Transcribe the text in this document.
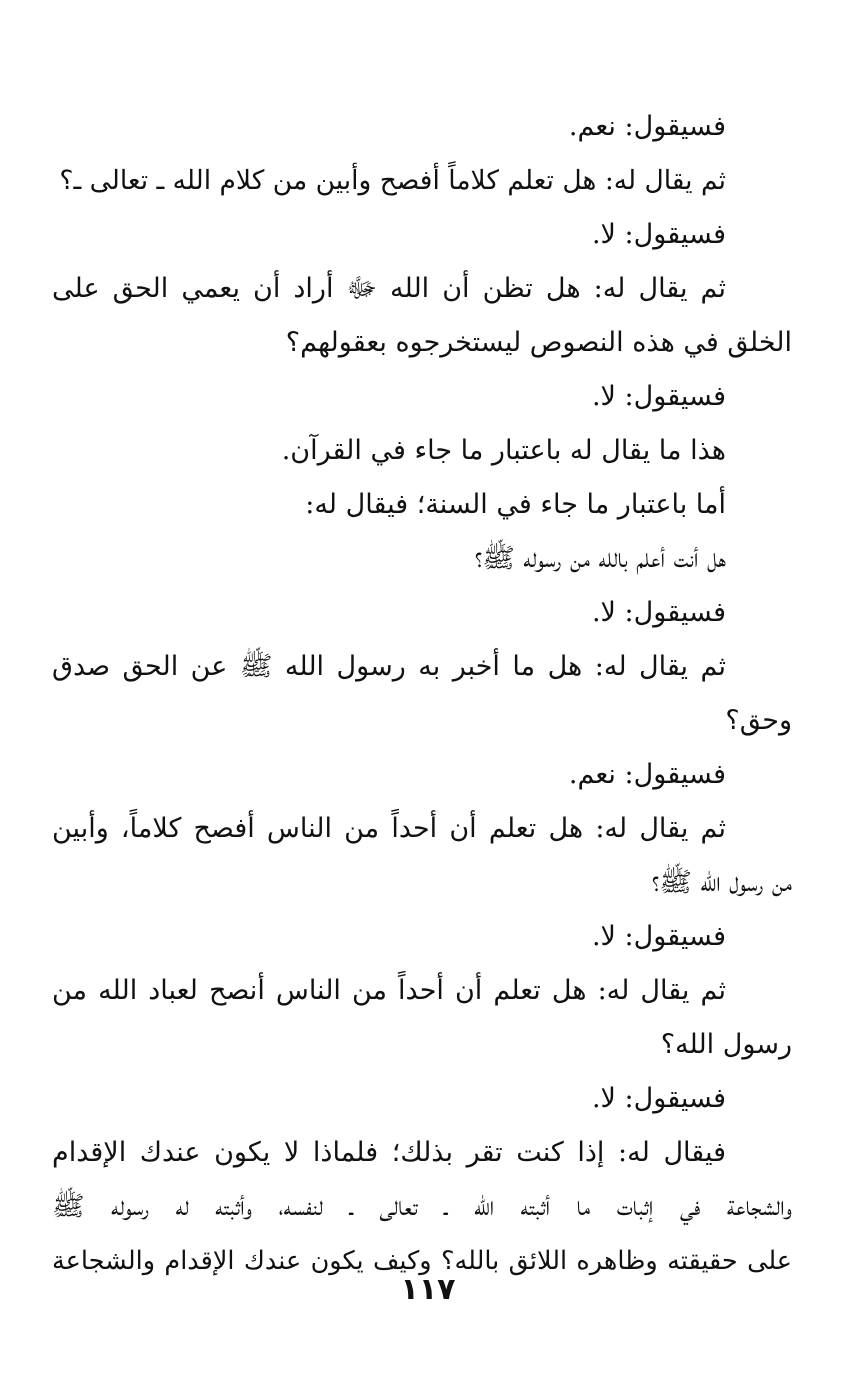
فسيقول: نعم.
ثم يقال له: هل تعلم كلاماً أفصح وأبين من كلام الله ـ تعالى ـ؟
فسيقول: لا.
ثم يقال له: هل تظن أن الله ﷻ أراد أن يعمي الحق على
الخلق في هذه النصوص ليستخرجوه بعقولهم؟
فسيقول: لا.
هذا ما يقال له باعتبار ما جاء في القرآن.
أما باعتبار ما جاء في السنة؛ فيقال له:
هل أنت أعلم بالله من رسوله ﷺ؟
فسيقول: لا.
ثم يقال له: هل ما أخبر به رسول الله ﷺ عن الحق صدق
وحق؟
فسيقول: نعم.
ثم يقال له: هل تعلم أن أحداً من الناس أفصح كلاماً، وأبين
من رسول الله ﷺ؟
فسيقول: لا.
ثم يقال له: هل تعلم أن أحداً من الناس أنصح لعباد الله من
رسول الله؟
فسيقول: لا.
فيقال له: إذا كنت تقر بذلك؛ فلماذا لا يكون عندك الإقدام
والشجاعة في إثبات ما أثبته الله ـ تعالى ـ لنفسه، وأثبته له رسوله ﷺ
على حقيقته وظاهره اللائق بالله؟ وكيف يكون عندك الإقدام والشجاعة
١١٧
